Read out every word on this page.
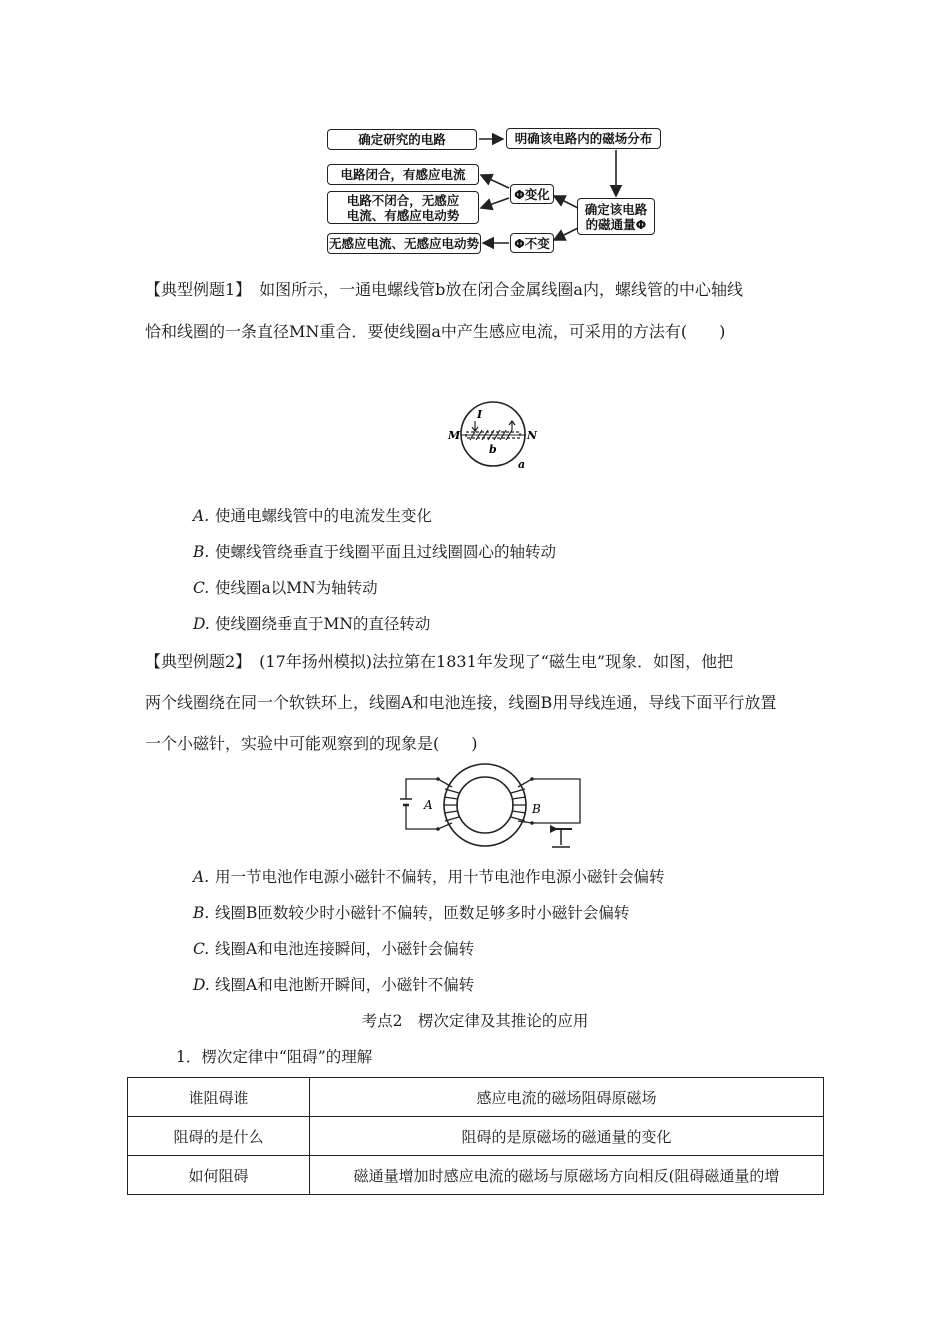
确定研究的电路	明确该电路内的磁场分布
电路闭合，有感应电流
电路不闭合，无感应
电流、有感应电动势
Φ变化
确定该电路
的磁通量Φ
无感应电流、无感应电动势	Φ不变
【典型例题1】　如图所示，一通电螺线管b放在闭合金属线圈a内，螺线管的中心轴线
恰和线圈的一条直径MN重合．要使线圈a中产生感应电流，可采用的方法有(　　)
I
M	N
b
a
A. 使通电螺线管中的电流发生变化
B. 使螺线管绕垂直于线圈平面且过线圈圆心的轴转动
C. 使线圈a以MN为轴转动
D. 使线圈绕垂直于MN的直径转动
【典型例题2】　(17年扬州模拟)法拉第在1831年发现了“磁生电”现象．如图，他把
两个线圈绕在同一个软铁环上，线圈A和电池连接，线圈B用导线连通，导线下面平行放置
一个小磁针，实验中可能观察到的现象是(　　)
A	B
A. 用一节电池作电源小磁针不偏转，用十节电池作电源小磁针会偏转
B. 线圈B匝数较少时小磁针不偏转，匝数足够多时小磁针会偏转
C. 线圈A和电池连接瞬间，小磁针会偏转
D. 线圈A和电池断开瞬间，小磁针不偏转
考点2　楞次定律及其推论的应用
1．楞次定律中“阻碍”的理解
谁阻碍谁	感应电流的磁场阻碍原磁场
阻碍的是什么	阻碍的是原磁场的磁通量的变化
如何阻碍	磁通量增加时感应电流的磁场与原磁场方向相反(阻碍磁通量的增
